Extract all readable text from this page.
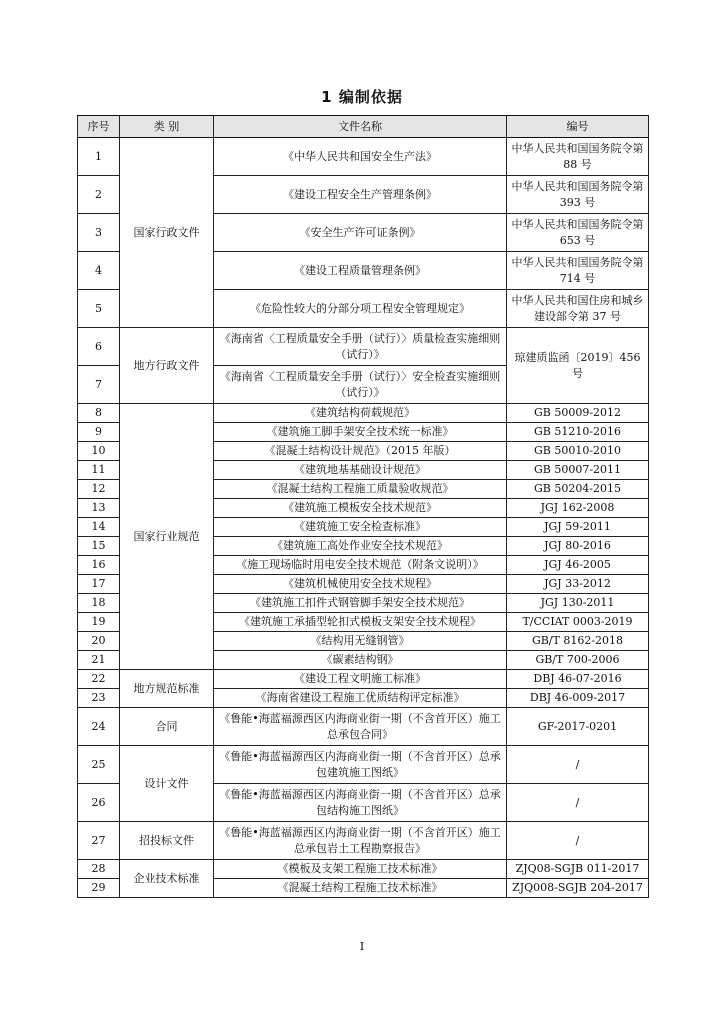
1 编制依据
序号	类 别	文件名称	编号
1	国家行政文件	《中华人民共和国安全生产法》	中华人民共和国国务院令第 88 号
2		《建设工程安全生产管理条例》	中华人民共和国国务院令第 393 号
3		《安全生产许可证条例》	中华人民共和国国务院令第 653 号
4		《建设工程质量管理条例》	中华人民共和国国务院令第 714 号
5		《危险性较大的分部分项工程安全管理规定》	中华人民共和国住房和城乡建设部令第 37 号
6	地方行政文件	《海南省〈工程质量安全手册（试行）〉质量检查实施细则（试行）》	琼建质监函〔2019〕456 号
7		《海南省〈工程质量安全手册（试行）〉安全检查实施细则（试行）》	
8	国家行业规范	《建筑结构荷载规范》	GB 50009-2012
9		《建筑施工脚手架安全技术统一标准》	GB 51210-2016
10		《混凝土结构设计规范》（2015 年版）	GB 50010-2010
11		《建筑地基基础设计规范》	GB 50007-2011
12		《混凝土结构工程施工质量验收规范》	GB 50204-2015
13		《建筑施工模板安全技术规范》	JGJ 162-2008
14		《建筑施工安全检查标准》	JGJ 59-2011
15		《建筑施工高处作业安全技术规范》	JGJ 80-2016
16		《施工现场临时用电安全技术规范（附条文说明）》	JGJ 46-2005
17		《建筑机械使用安全技术规程》	JGJ 33-2012
18		《建筑施工扣件式钢管脚手架安全技术规范》	JGJ 130-2011
19		《建筑施工承插型轮扣式模板支架安全技术规程》	T/CCIAT 0003-2019
20		《结构用无缝钢管》	GB/T 8162-2018
21		《碳素结构钢》	GB/T 700-2006
22	地方规范标准	《建设工程文明施工标准》	DBJ 46-07-2016
23		《海南省建设工程施工优质结构评定标准》	DBJ 46-009-2017
24	合同	《鲁能•海蓝福源西区内海商业街一期（不含首开区）施工总承包合同》	GF-2017-0201
25	设计文件	《鲁能•海蓝福源西区内海商业街一期（不含首开区）总承包建筑施工图纸》	/
26		《鲁能•海蓝福源西区内海商业街一期（不含首开区）总承包结构施工图纸》	/
27	招投标文件	《鲁能•海蓝福源西区内海商业街一期（不含首开区）施工总承包岩土工程勘察报告》	/
28	企业技术标准	《模板及支架工程施工技术标准》	ZJQ08-SGJB 011-2017
29		《混凝土结构工程施工技术标准》	ZJQ008-SGJB 204-2017
I
